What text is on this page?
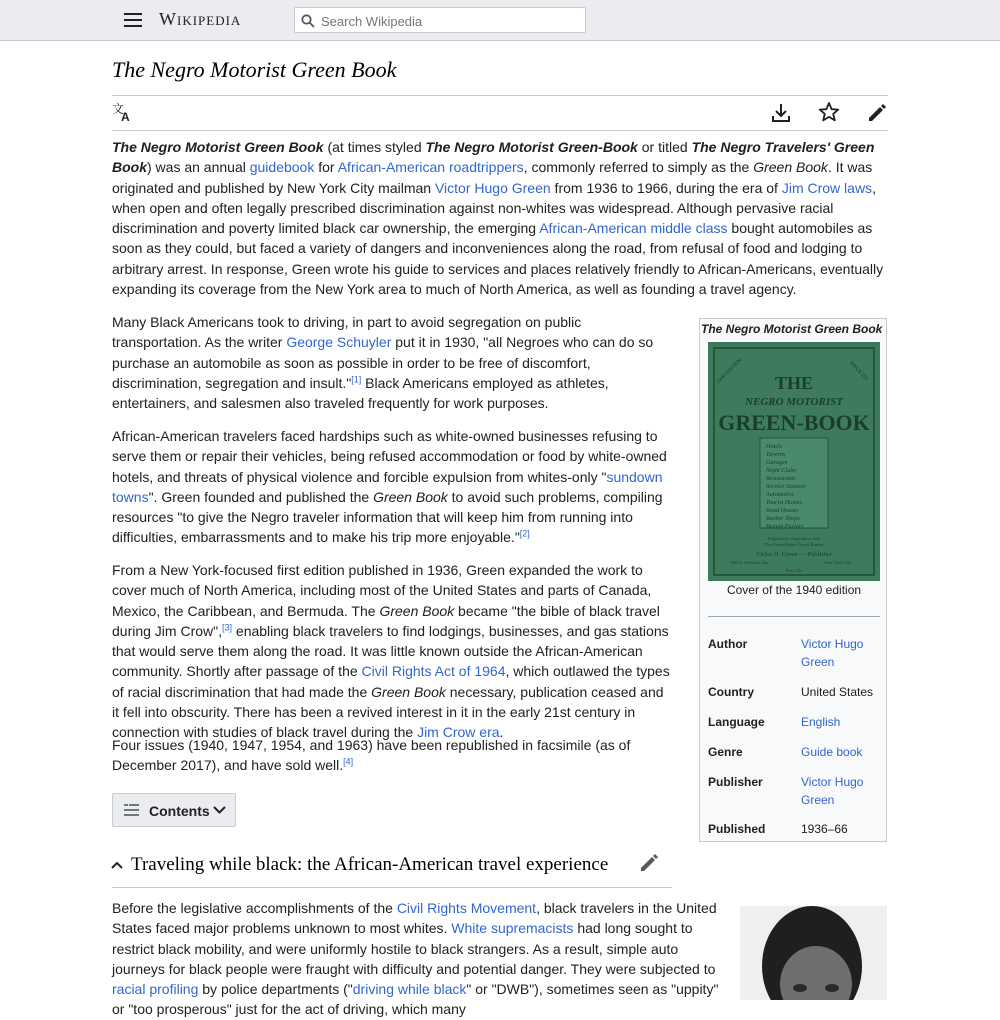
Wikipedia
Search Wikipedia
The Negro Motorist Green Book
文
A

The Negro Motorist Green Book (at times styled The Negro Motorist Green-Book or titled The Negro Travelers' Green Book) was an annual guidebook for African-American roadtrippers, commonly referred to simply as the Green Book. It was originated and published by New York City mailman Victor Hugo Green from 1936 to 1966, during the era of Jim Crow laws, when open and often legally prescribed discrimination against non-whites was widespread. Although pervasive racial discrimination and poverty limited black car ownership, the emerging African-American middle class bought automobiles as soon as they could, but faced a variety of dangers and inconveniences along the road, from refusal of food and lodging to arbitrary arrest. In response, Green wrote his guide to services and places relatively friendly to African-Americans, eventually expanding its coverage from the New York area to much of North America, as well as founding a travel agency.

Many Black Americans took to driving, in part to avoid segregation on public transportation. As the writer George Schuyler put it in 1930, "all Negroes who can do so purchase an automobile as soon as possible in order to be free of discomfort, discrimination, segregation and insult."[1] Black Americans employed as athletes, entertainers, and salesmen also traveled frequently for work purposes.

African-American travelers faced hardships such as white-owned businesses refusing to serve them or repair their vehicles, being refused accommodation or food by white-owned hotels, and threats of physical violence and forcible expulsion from whites-only "sundown towns". Green founded and published the Green Book to avoid such problems, compiling resources "to give the Negro traveler information that will keep him from running into difficulties, embarrassments and to make his trip more enjoyable."[2]

From a New York-focused first edition published in 1936, Green expanded the work to cover much of North America, including most of the United States and parts of Canada, Mexico, the Caribbean, and Bermuda. The Green Book became "the bible of black travel during Jim Crow",[3] enabling black travelers to find lodgings, businesses, and gas stations that would serve them along the road. It was little known outside the African-American community. Shortly after passage of the Civil Rights Act of 1964, which outlawed the types of racial discrimination that had made the Green Book necessary, publication ceased and it fell into obscurity. There has been a revived interest in it in the early 21st century in connection with studies of black travel during the Jim Crow era.

Four issues (1940, 1947, 1954, and 1963) have been republished in facsimile (as of December 2017), and have sold well.[4]

The Negro Motorist Green Book
THE
NEGRO MOTORIST
GREEN-BOOK
1940 EDITION	PRICE 25c
Hotels
Taverns
Garages
Night Clubs
Restaurants
Service Stations
Automotive
Tourist Homes
Road Houses
Barber Shops
Beauty Parlors
Prepared in cooperation with
The United States Travel Bureau
Victor H. Green — Publisher
938 St. Nicholas Ave.	New York City
Price 25c
Cover of the 1940 edition
Author	Victor Hugo Green
Country	United States
Language	English
Genre	Guide book
Publisher	Victor Hugo Green
Published	1936–66
Contents
Traveling while black: the African-American travel experience

Before the legislative accomplishments of the Civil Rights Movement, black travelers in the United States faced major problems unknown to most whites. White supremacists had long sought to restrict black mobility, and were uniformly hostile to black strangers. As a result, simple auto journeys for black people were fraught with difficulty and potential danger. They were subjected to racial profiling by police departments ("driving while black" or "DWB"), sometimes seen as "uppity" or "too prosperous" just for the act of driving, which many
